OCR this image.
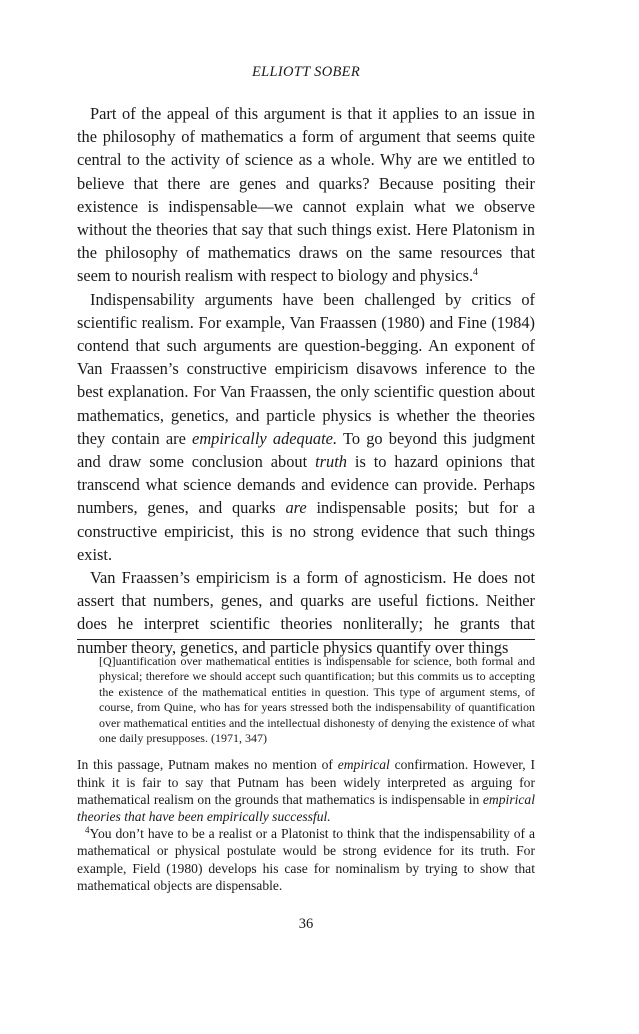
ELLIOTT SOBER

Part of the appeal of this argument is that it applies to an issue in the philosophy of mathematics a form of argument that seems quite central to the activity of science as a whole. Why are we entitled to believe that there are genes and quarks? Because positing their existence is indispensable—we cannot explain what we observe without the theories that say that such things exist. Here Platonism in the philosophy of mathematics draws on the same resources that seem to nourish realism with respect to biology and physics.$^4$

Indispensability arguments have been challenged by critics of scientific realism. For example, Van Fraassen (1980) and Fine (1984) contend that such arguments are question-begging. An exponent of Van Fraassen’s constructive empiricism disavows inference to the best explanation. For Van Fraassen, the only scientific question about mathematics, genetics, and particle physics is whether the theories they contain are empirically adequate. To go beyond this judgment and draw some conclusion about truth is to hazard opinions that transcend what science demands and evidence can provide. Perhaps numbers, genes, and quarks are indispensable posits; but for a constructive empiricist, this is no strong evidence that such things exist.

Van Fraassen’s empiricism is a form of agnosticism. He does not assert that numbers, genes, and quarks are useful fictions. Neither does he interpret scientific theories nonliterally; he grants that number theory, genetics, and particle physics quantify over things

[Q]uantification over mathematical entities is indispensable for science, both formal and physical; therefore we should accept such quantification; but this commits us to accepting the existence of the mathematical entities in question. This type of argument stems, of course, from Quine, who has for years stressed both the indispensability of quantification over mathematical entities and the intellectual dishonesty of denying the existence of what one daily presupposes. (1971, 347)

In this passage, Putnam makes no mention of empirical confirmation. However, I think it is fair to say that Putnam has been widely interpreted as arguing for mathematical realism on the grounds that mathematics is indispensable in empirical theories that have been empirically successful.

$^4$You don’t have to be a realist or a Platonist to think that the indispensability of a mathematical or physical postulate would be strong evidence for its truth. For example, Field (1980) develops his case for nominalism by trying to show that mathematical objects are dispensable.

36
